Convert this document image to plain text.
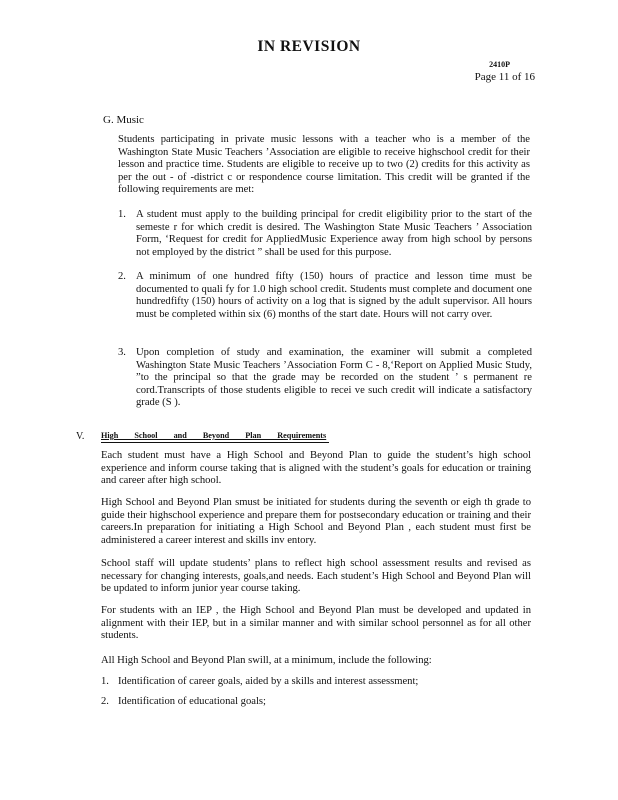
IN REVISION
2410P
Page 11 of 16
G. Music
Students participating in private music lessons with a teacher who is a member of the Washington State Music Teachers ’Association are eligible to receive highschool credit for their lesson and practice time. Students are eligible to receive up to two (2) credits for this activity as per the out - of -district c or respondence course limitation. This credit will be granted if the following requirements are met:
1. A student must apply to the building principal for credit eligibility prior to the start of the semeste r for which credit is desired. The Washington State Music Teachers ’ Association Form, ‘Request for credit for AppliedMusic Experience away from high school by persons not employed by the district ” shall be used for this purpose.
2. A minimum of one hundred fifty (150) hours of practice and lesson time must be documented to quali fy for 1.0 high school credit. Students must complete and document one hundredfifty (150) hours of activity on a log that is signed by the adult supervisor. All hours must be completed within six (6) months of the start date. Hours will not carry over.
3. Upon completion of study and examination, the examiner will submit a completed Washington State Music Teachers ’Association Form C - 8,‘Report on Applied Music Study, ”to the principal so that the grade may be recorded on the student ’ s permanent re cord.Transcripts of those students eligible to recei ve such credit will indicate a satisfactory grade (S ).
V. High School and Beyond Plan Requirements
Each student must have a High School and Beyond Plan to guide the student’s high school experience and inform course taking that is aligned with the student’s goals for education or training and career after high school.
High School and Beyond Plan smust be initiated for students during the seventh or eigh th grade to guide their highschool experience and prepare them for postsecondary education or training and their careers.In preparation for initiating a High School and Beyond Plan , each student must first be administered a career interest and skills inv entory.
School staff will update students’ plans to reflect high school assessment results and revised as necessary for changing interests, goals,and needs. Each student’s High School and Beyond Plan will be updated to inform junior year course taking.
For students with an IEP , the High School and Beyond Plan must be developed and updated in alignment with their IEP, but in a similar manner and with similar school personnel as for all other students.
All High School and Beyond Plan swill, at a minimum, include the following:
1. Identification of career goals, aided by a skills and interest assessment;
2. Identification of educational goals;
